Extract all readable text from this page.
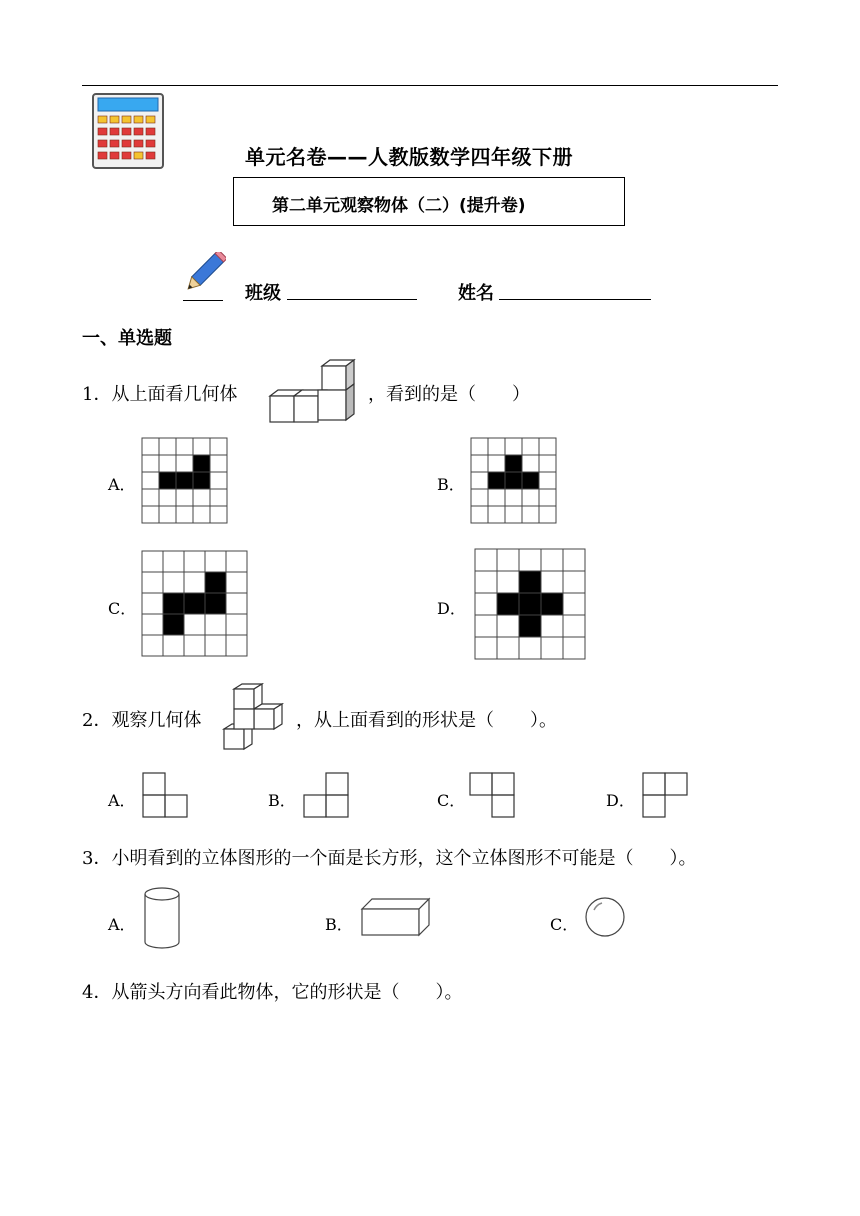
单元名卷——人教版数学四年级下册
第二单元观察物体（二）(提升卷)
班级	姓名
一、单选题
1．从上面看几何体	，看到的是（　　）
A．	B．
C．	D．
2．观察几何体	，从上面看到的形状是（　　）。
A．	B．	C．	D．
3．小明看到的立体图形的一个面是长方形，这个立体图形不可能是（　　）。
A．	B．	C．
4．从箭头方向看此物体，它的形状是（　　）。
